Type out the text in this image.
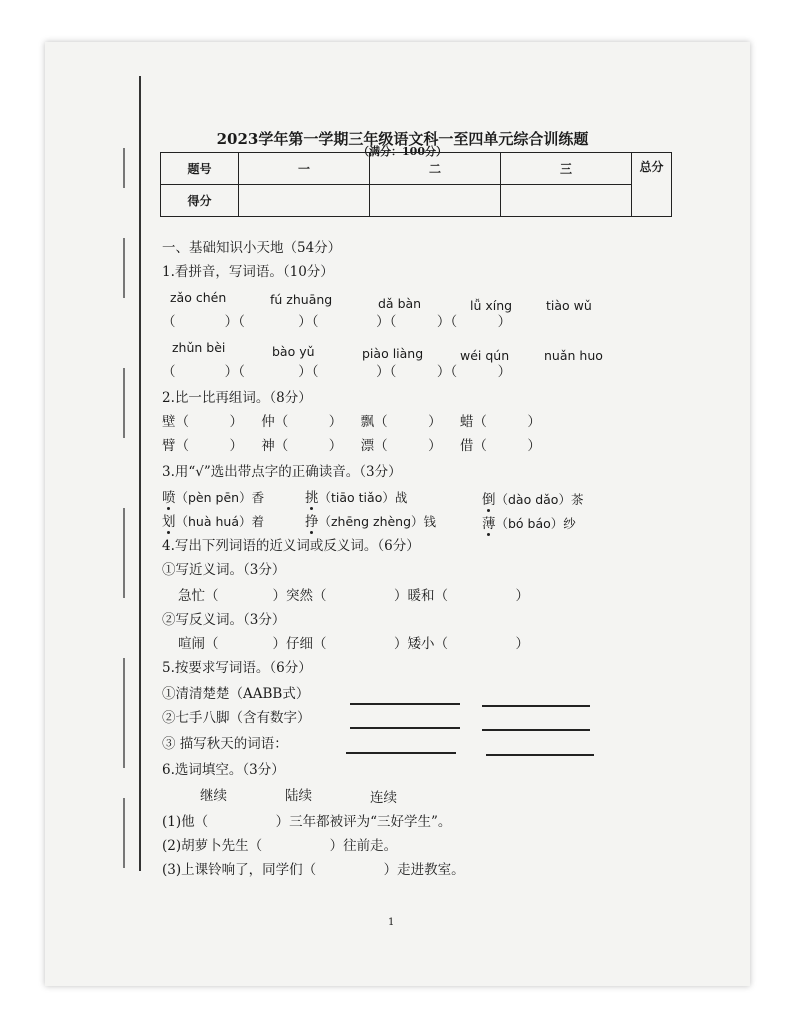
2023学年第一学期三年级语文科一至四单元综合训练题
（满分：100分）
题号	一	二	三	总分
得分				
一、基础知识小天地（54分）
1.看拼音，写词语。（10分）
zǎo chén	fú zhuāng	dǎ bàn	lǚ xíng	tiào wǔ
（　　　  ）（　　　   ）（　　　    ）（　　　）（　　　）
zhǔn bèi	bào yǔ	piào liàng	wéi qún	nuǎn huo
（　　　  ）（　　　   ）（　　　    ）（　　　）（　　　）
2.比一比再组词。（8分）
壁（　　　） 仲（　　　） 飘（　　　） 蜡（　　　）
臂（　　　） 神（　　　） 漂（　　　） 借（　　　）
3.用“√”选出带点字的正确读音。（3分）
喷（pèn pēn）香	挑（tiāo tiǎo）战	倒（dào dǎo）茶
划（huà huá）着	挣（zhēng zhèng）钱	薄（bó báo）纱
4.写出下列词语的近义词或反义词。（6分）
①写近义词。（3分）
急忙（　　　　）突然（　　　　　）暖和（　　　　　）
②写反义词。（3分）
喧闹（　　　　）仔细（　　　　　）矮小（　　　　　）
5.按要求写词语。（6分）
①清清楚楚（AABB式）
②七手八脚（含有数字）
③ 描写秋天的词语：
6.选词填空。（3分）
继续	陆续	连续
(1)他（　　　　　	）三年都被评为“三好学生”。
(2)胡萝卜先生（　　　　　	）往前走。
(3)上课铃响了，同学们（　　　　　	）走进教室。
1
